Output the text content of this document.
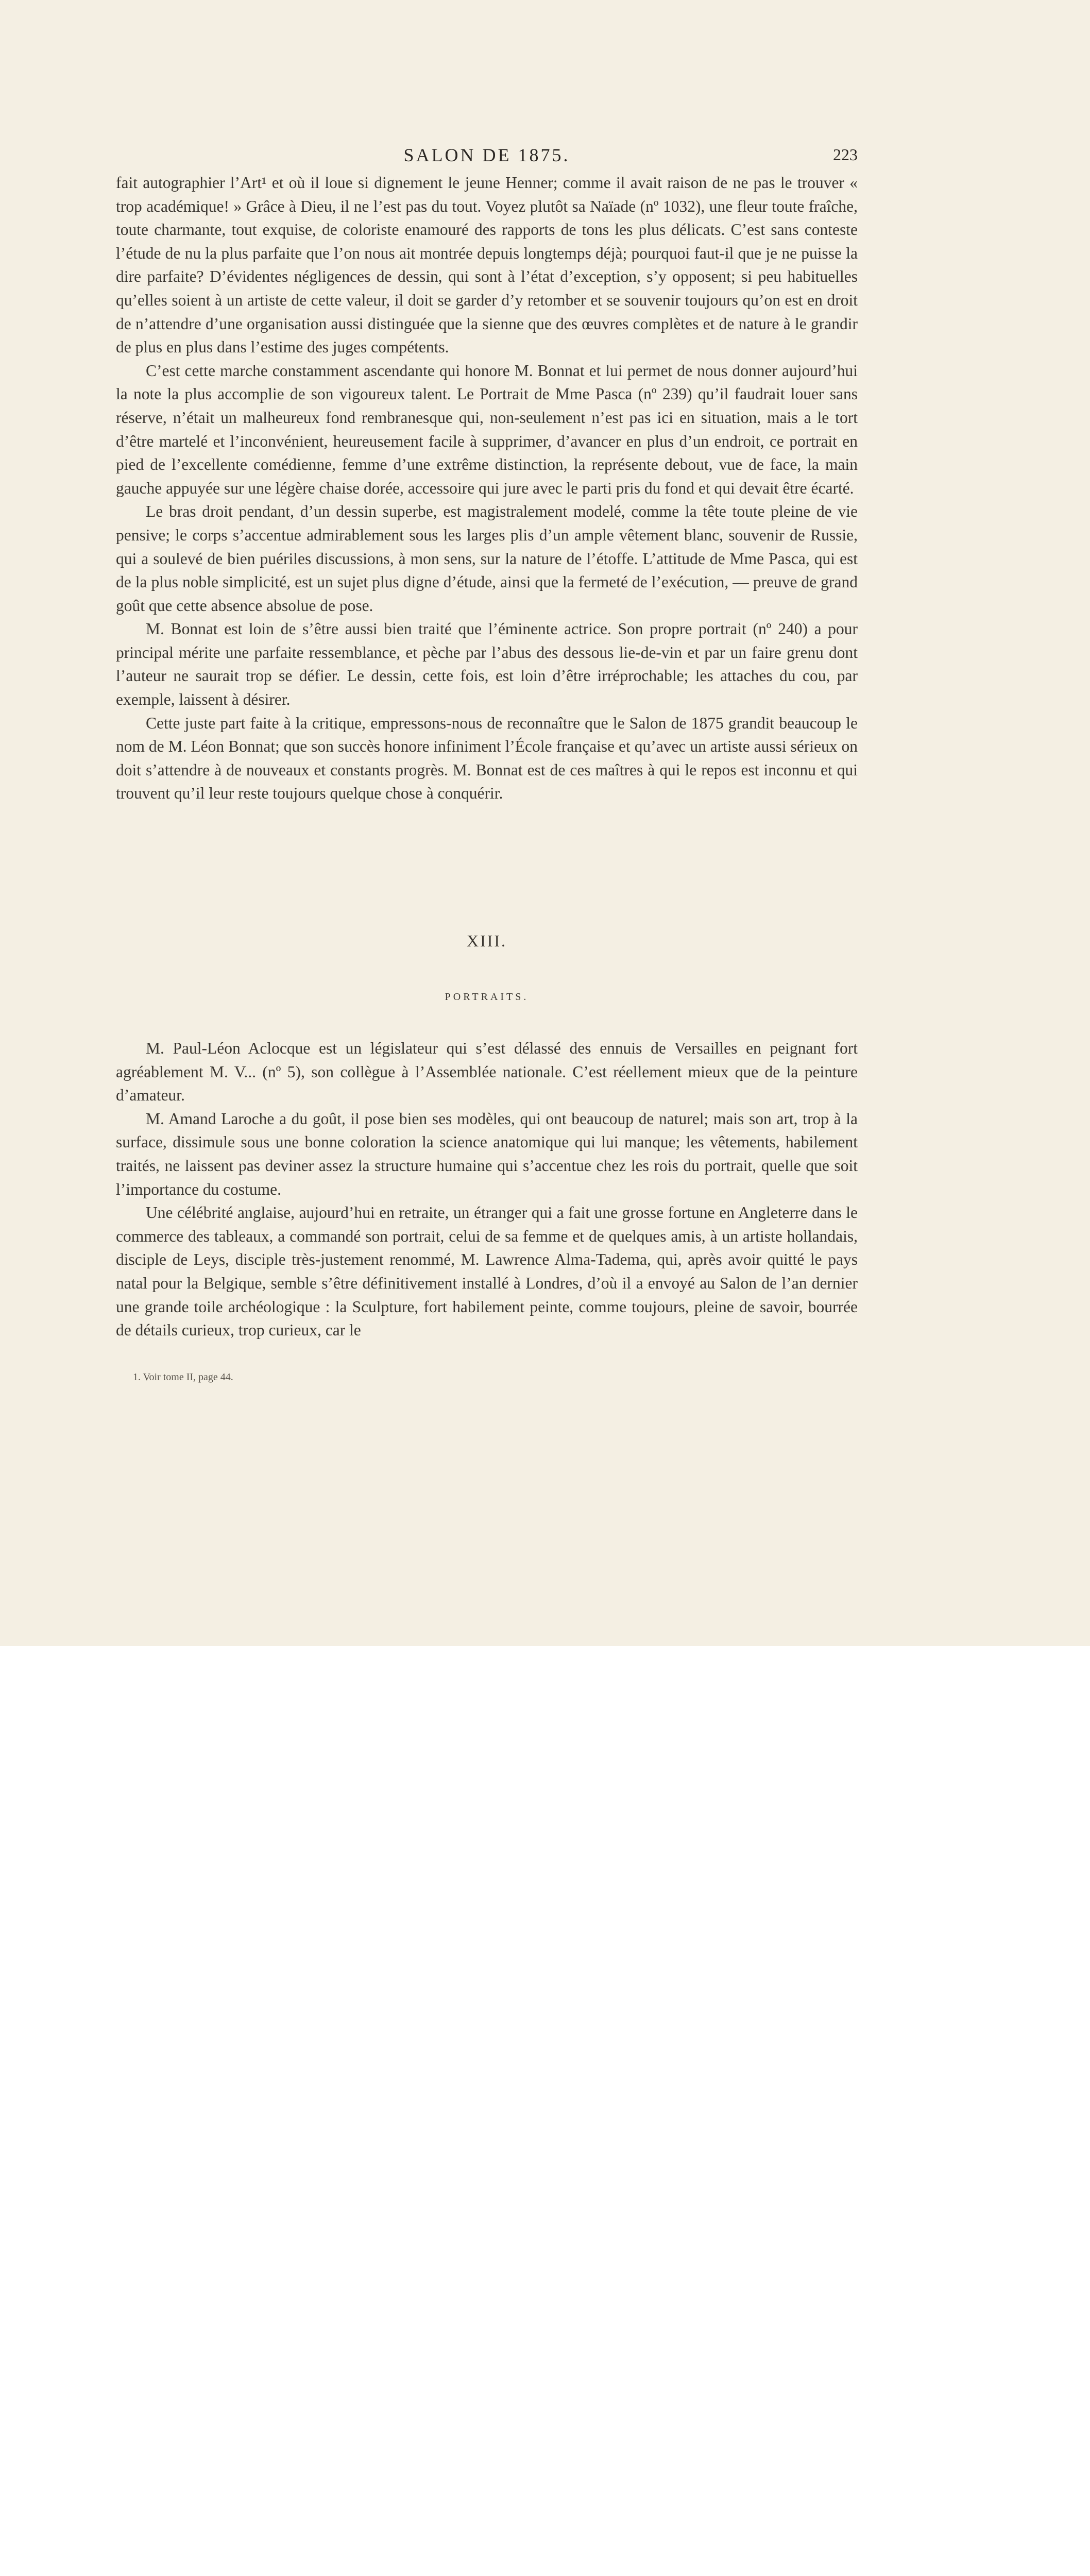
SALON DE 1875.	223

fait autographier l’Art¹ et où il loue si dignement le jeune Henner; comme il avait raison de ne pas le trouver « trop académique! » Grâce à Dieu, il ne l’est pas du tout. Voyez plutôt sa Naïade (nº 1032), une fleur toute fraîche, toute charmante, tout exquise, de coloriste enamouré des rapports de tons les plus délicats. C’est sans conteste l’étude de nu la plus parfaite que l’on nous ait montrée depuis longtemps déjà; pourquoi faut-il que je ne puisse la dire parfaite? D’évidentes négligences de dessin, qui sont à l’état d’exception, s’y opposent; si peu habituelles qu’elles soient à un artiste de cette valeur, il doit se garder d’y retomber et se souvenir toujours qu’on est en droit de n’attendre d’une organisation aussi distinguée que la sienne que des œuvres complètes et de nature à le grandir de plus en plus dans l’estime des juges compétents.

C’est cette marche constamment ascendante qui honore M. Bonnat et lui permet de nous donner aujourd’hui la note la plus accomplie de son vigoureux talent. Le Portrait de Mme Pasca (nº 239) qu’il faudrait louer sans réserve, n’était un malheureux fond rembranesque qui, non-seulement n’est pas ici en situation, mais a le tort d’être martelé et l’inconvénient, heureusement facile à supprimer, d’avancer en plus d’un endroit, ce portrait en pied de l’excellente comédienne, femme d’une extrême distinction, la représente debout, vue de face, la main gauche appuyée sur une légère chaise dorée, accessoire qui jure avec le parti pris du fond et qui devait être écarté.

Le bras droit pendant, d’un dessin superbe, est magistralement modelé, comme la tête toute pleine de vie pensive; le corps s’accentue admirablement sous les larges plis d’un ample vêtement blanc, souvenir de Russie, qui a soulevé de bien puériles discussions, à mon sens, sur la nature de l’étoffe. L’attitude de Mme Pasca, qui est de la plus noble simplicité, est un sujet plus digne d’étude, ainsi que la fermeté de l’exécution, — preuve de grand goût que cette absence absolue de pose.

M. Bonnat est loin de s’être aussi bien traité que l’éminente actrice. Son propre portrait (nº 240) a pour principal mérite une parfaite ressemblance, et pèche par l’abus des dessous lie-de-vin et par un faire grenu dont l’auteur ne saurait trop se défier. Le dessin, cette fois, est loin d’être irréprochable; les attaches du cou, par exemple, laissent à désirer.

Cette juste part faite à la critique, empressons-nous de reconnaître que le Salon de 1875 grandit beaucoup le nom de M. Léon Bonnat; que son succès honore infiniment l’École française et qu’avec un artiste aussi sérieux on doit s’attendre à de nouveaux et constants progrès. M. Bonnat est de ces maîtres à qui le repos est inconnu et qui trouvent qu’il leur reste toujours quelque chose à conquérir.

XIII.
PORTRAITS.

M. Paul-Léon Aclocque est un législateur qui s’est délassé des ennuis de Versailles en peignant fort agréablement M. V... (nº 5), son collègue à l’Assemblée nationale. C’est réellement mieux que de la peinture d’amateur.

M. Amand Laroche a du goût, il pose bien ses modèles, qui ont beaucoup de naturel; mais son art, trop à la surface, dissimule sous une bonne coloration la science anatomique qui lui manque; les vêtements, habilement traités, ne laissent pas deviner assez la structure humaine qui s’accentue chez les rois du portrait, quelle que soit l’importance du costume.

Une célébrité anglaise, aujourd’hui en retraite, un étranger qui a fait une grosse fortune en Angleterre dans le commerce des tableaux, a commandé son portrait, celui de sa femme et de quelques amis, à un artiste hollandais, disciple de Leys, disciple très-justement renommé, M. Lawrence Alma-Tadema, qui, après avoir quitté le pays natal pour la Belgique, semble s’être définitivement installé à Londres, d’où il a envoyé au Salon de l’an dernier une grande toile archéologique : la Sculpture, fort habilement peinte, comme toujours, pleine de savoir, bourrée de détails curieux, trop curieux, car le

1. Voir tome II, page 44.
